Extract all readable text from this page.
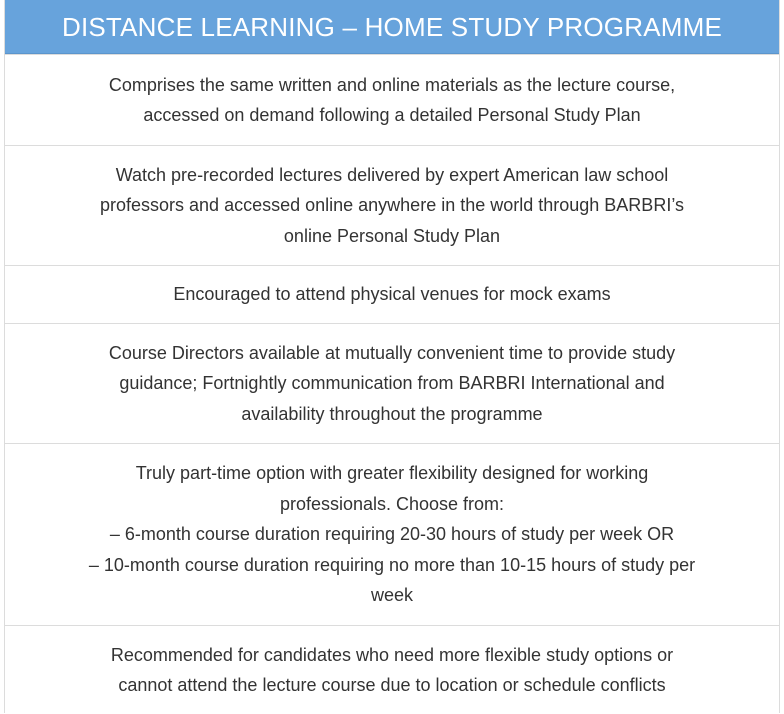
DISTANCE LEARNING – HOME STUDY PROGRAMME
Comprises the same written and online materials as the lecture course,
accessed on demand following a detailed Personal Study Plan
Watch pre-recorded lectures delivered by expert American law school
professors and accessed online anywhere in the world through BARBRI’s
online Personal Study Plan
Encouraged to attend physical venues for mock exams
Course Directors available at mutually convenient time to provide study
guidance; Fortnightly communication from BARBRI International and
availability throughout the programme
Truly part-time option with greater flexibility designed for working
professionals. Choose from:
– 6-month course duration requiring 20-30 hours of study per week OR
– 10-month course duration requiring no more than 10-15 hours of study per
week
Recommended for candidates who need more flexible study options or
cannot attend the lecture course due to location or schedule conflicts
